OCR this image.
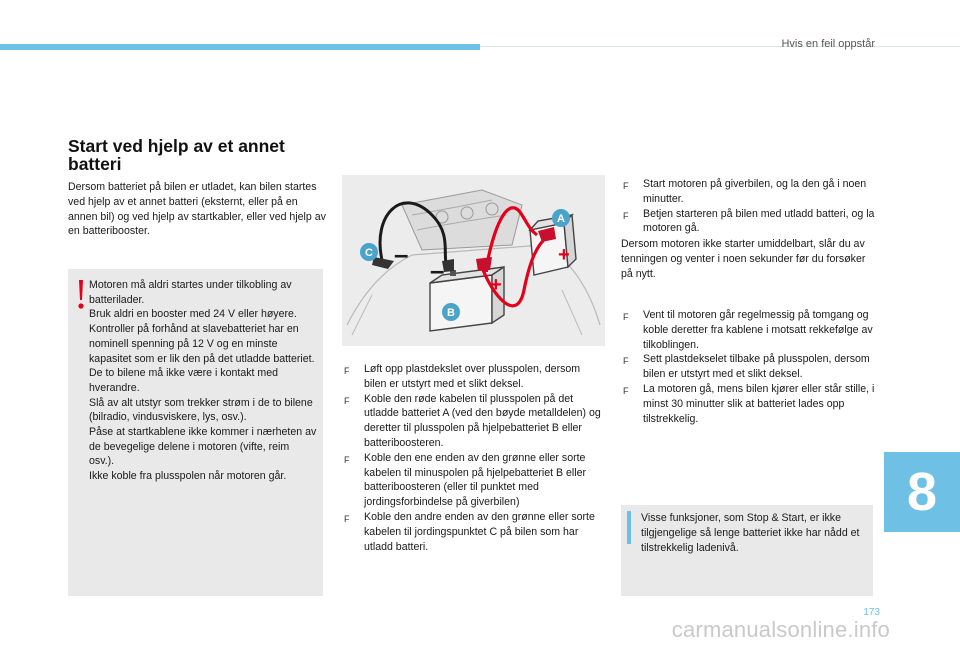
Hvis en feil oppstår
Start ved hjelp av et annet batteri

Dersom batteriet på bilen er utladet, kan bilen startes ved hjelp av et annet batteri (eksternt, eller på en annen bil) og ved hjelp av startkabler, eller ved hjelp av en batteribooster.

Motoren må aldri startes under tilkobling av batterilader.

Bruk aldri en booster med 24 V eller høyere.

Kontroller på forhånd at slavebatteriet har en nominell spenning på 12 V og en minste kapasitet som er lik den på det utladde batteriet.

De to bilene må ikke være i kontakt med hverandre.

Slå av alt utstyr som trekker strøm i de to bilene (bilradio, vindusviskere, lys, osv.).

Påse at startkablene ikke kommer i nærheten av de bevegelige delene i motoren (vifte, reim osv.).

Ikke koble fra plusspolen når motoren går.

C
A
B
–
– +
+
F Løft opp plastdekslet over plusspolen, dersom bilen er utstyrt med et slikt deksel.
F Koble den røde kabelen til plusspolen på det utladde batteriet A (ved den bøyde metalldelen) og deretter til plusspolen på hjelpebatteriet B eller batteriboosteren.
F Koble den ene enden av den grønne eller sorte kabelen til minuspolen på hjelpebatteriet B eller batteriboosteren (eller til punktet med jordingsforbindelse på giverbilen)
F Koble den andre enden av den grønne eller sorte kabelen til jordingspunktet C på bilen som har utladd batteri.
F Start motoren på giverbilen, og la den gå i noen minutter.
F Betjen starteren på bilen med utladd batteri, og la motoren gå.

Dersom motoren ikke starter umiddelbart, slår du av tenningen og venter i noen sekunder før du forsøker på nytt.

F Vent til motoren går regelmessig på tomgang og koble deretter fra kablene i motsatt rekkefølge av tilkoblingen.
F Sett plastdekselet tilbake på plusspolen, dersom bilen er utstyrt med et slikt deksel.
F La motoren gå, mens bilen kjører eller står stille, i minst 30 minutter slik at batteriet lades opp tilstrekkelig.

Visse funksjoner, som Stop & Start, er ikke tilgjengelige så lenge batteriet ikke har nådd et tilstrekkelig ladenivå.

8
173
carmanualsonline.info
